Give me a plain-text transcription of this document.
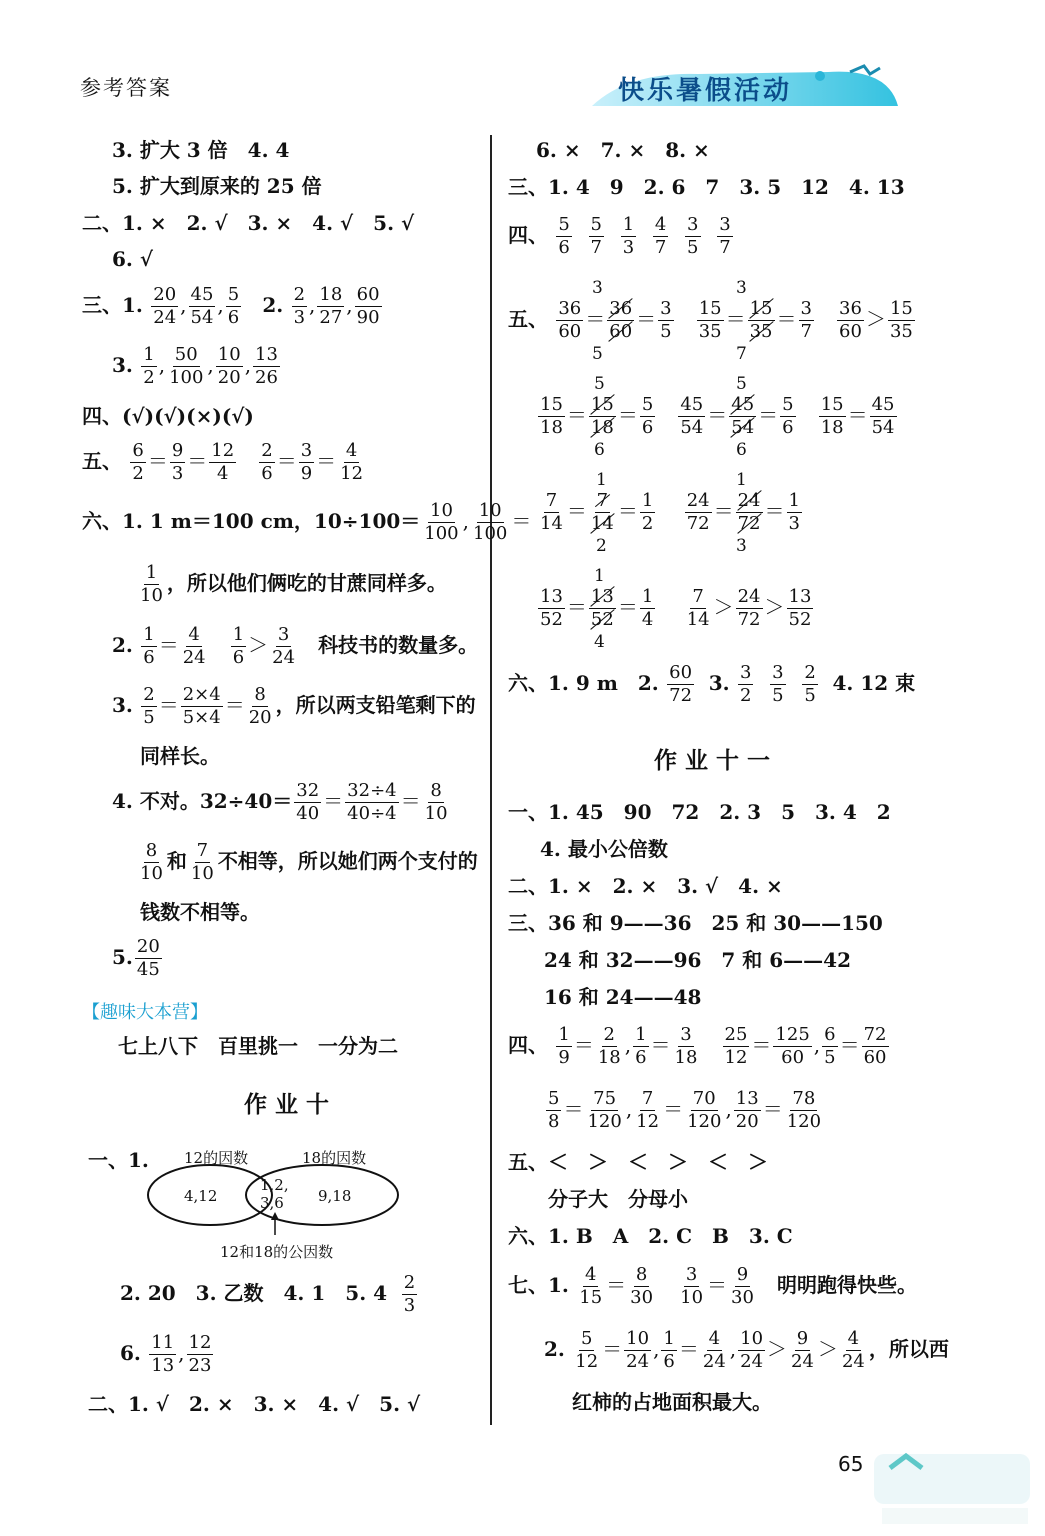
参考答案	快乐暑假活动
3. 扩大 3 倍　4. 4
5. 扩大到原来的 25 倍
二、1. ×　2. √　3. ×　4. √　5. √
6. √
三、1. $\frac{20}{24}$ , $\frac{45}{54}$ , $\frac{5}{6} 2$. $\frac{2}{3}$ , $\frac{18}{27}$ , $\frac{60}{90}$
3. $\frac{1}{2}$ , $\frac{50}{100}$ , $\frac{10}{20}$ , $\frac{13}{26}$
四、(√)(√)(×)(√)
五、 $\frac{6}{2} = \frac{9}{3} = \frac{12}{4}$
$\frac{2}{6} = \frac{3}{9} = \frac{4}{12}$
六、1. 1 m＝100 cm，$10\div 100= \frac{10}{100}$ , $\frac{10}{100}$ ＝
$\frac{1}{10}$ ，所以他们俩吃的甘蔗同样多。
2. $\frac{1}{6} = \frac{4}{24}$
$\frac{1}{6} > \frac{3}{24}$ 科技书的数量多。
3. $\frac{2}{5} = \frac{2\times 4}{5\times 4} = \frac{8}{20}$ ，所以两支铅笔剩下的
同样长。
4. 不对。$32\div 40= \frac{32}{40} = \frac{32\div 4}{40\div 4} = \frac{8}{10}$
$\frac{8}{10}$ 和 $\frac{7}{10}$ 不相等，所以她们两个支付的
钱数不相等。
5. $\frac{20}{45}$
【趣味大本营】
七上八下　百里挑一　一分为二
作业十
一、1. 12的因数	18的因数
4,12
1,2,
3,6 9,18
12和18的公因数
2. 20　3. 乙数　4. 1　5. $4 \frac{2}{3}$
6. $\frac{11}{13}$ , $\frac{12}{23}$
二、1. √　2. ×　3. ×　4. √　5. √
6. ×　7. ×　8. ×
三、1. 4　9　2. 6　7　3. 5　12　4. 13
四、 $\frac{5}{6}$
$\frac{5}{7}$
$\frac{1}{3}$
$\frac{4}{7}$
$\frac{3}{5}$
$\frac{3}{7}$
五、 $\frac{36}{60} = \frac{36}{60} = \frac{3}{5}$
$\frac{15}{35} = \frac{15}{35} = \frac{3}{7}$
$\frac{36}{60} > \frac{15}{35}$
3
5
3
7
$\frac{15}{18} = \frac{15}{18} = \frac{5}{6}$
$\frac{45}{54} = \frac{45}{54} = \frac{5}{6}$
$\frac{15}{18} = \frac{45}{54}$
5
6
5
6
$\frac{7}{14} = \frac{7}{14} = \frac{1}{2}$
$\frac{24}{72} = \frac{24}{72} = \frac{1}{3}$
1
2
1
3
$\frac{13}{52} = \frac{13}{52} = \frac{1}{4}$
$\frac{7}{14} > \frac{24}{72} > \frac{13}{52}$
1
4
六、1. 9 m　2. $\frac{60}{72} 3$. $\frac{3}{2}$
$\frac{3}{5}$
$\frac{2}{5} 4$. 12 束
作业十一
一、1. 45　90　72　2. 3　5　3. 4　2
4. 最小公倍数
二、1. ×　2. ×　3. √　4. ×
三、36 和 9——36　25 和 30——150
24 和 32——96　7 和 6——42
16 和 24——48
四、 $\frac{1}{9} = \frac{2}{18}$ , $\frac{1}{6} = \frac{3}{18}$
$\frac{25}{12} = \frac{125}{60}$ , $\frac{6}{5} = \frac{72}{60}$
$\frac{5}{8} = \frac{75}{120}$ , $\frac{7}{12} = \frac{70}{120}$ , $\frac{13}{20} = \frac{78}{120}$
五、＜　＞　＜　＞　＜　＞
分子大　分母小
六、1. B　A　2. C　B　3. C
七、1. $\frac{4}{15} = \frac{8}{30}$
$\frac{3}{10} = \frac{9}{30}$ 明明跑得快些。
2. $\frac{5}{12} = \frac{10}{24}$ , $\frac{1}{6} = \frac{4}{24}$ , $\frac{10}{24} > \frac{9}{24} > \frac{4}{24}$ ，所以西
红柿的占地面积最大。
65
